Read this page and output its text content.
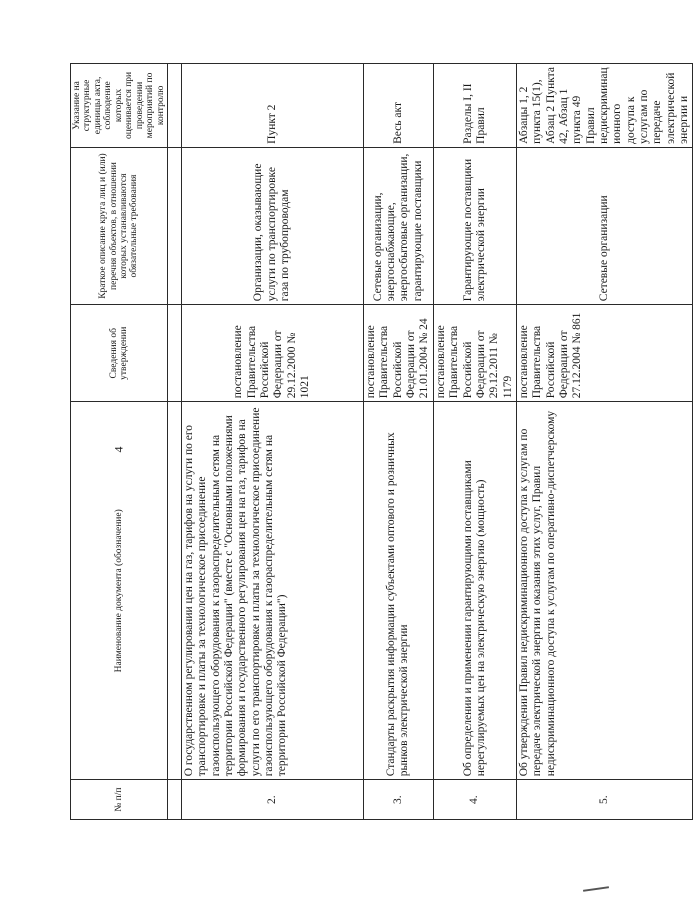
4
№ п/п	Наименование документа (обозначение)	Сведения об утверждении	Краткое описание круга лиц и (или) перечня объектов, в отношении которых устанавливаются обязательные требования	Указание на структурные единицы акта, соблюдение которых оценивается при проведении мероприятий по контролю

2.	О государственном регулировании цен на газ, тарифов на услуги по его транспортировке и платы за технологическое присоединение газоиспользующего оборудования к газораспределительным сетям на территории Российской Федерации" (вместе с "Основными положениями формирования и государственного регулирования цен на газ, тарифов на услуги по его транспортировке и платы за технологическое присоединение газоиспользующего оборудования к газораспределительным сетям на территории Российской Федерации")	постановление Правительства Российской Федерации от 29.12.2000 № 1021	Организации, оказывающие услуги по транспортировке газа по трубопроводам	Пункт 2
3.	Стандарты раскрытия информации субъектами оптового и розничных рынков электрической энергии	постановление Правительства Российской Федерации от 21.01.2004 № 24	Сетевые организации, энергоснабжающие, энергосбытовые организации, гарантирующие поставщики	Весь акт
4.	Об определении и применении гарантирующими поставщиками нерегулируемых цен на электрическую энергию (мощность)	постановление Правительства Российской Федерации от 29.12.2011 № 1179	Гарантирующие поставщики электрической энергии	Разделы I, II Правил
5.	Об утверждении Правил недискриминационного доступа к услугам по передаче электрической энергии и оказания этих услуг, Правил недискриминационного доступа к услугам по оперативно-диспетчерскому	постановление Правительства Российской Федерации от 27.12.2004 № 861	Сетевые организации	Абзацы 1, 2 пункта 15(1), Абзац 2 Пункта 42, Абзац 1 пункта 49 Правил недискриминационного доступа к услугам по передаче электрической энергии и
